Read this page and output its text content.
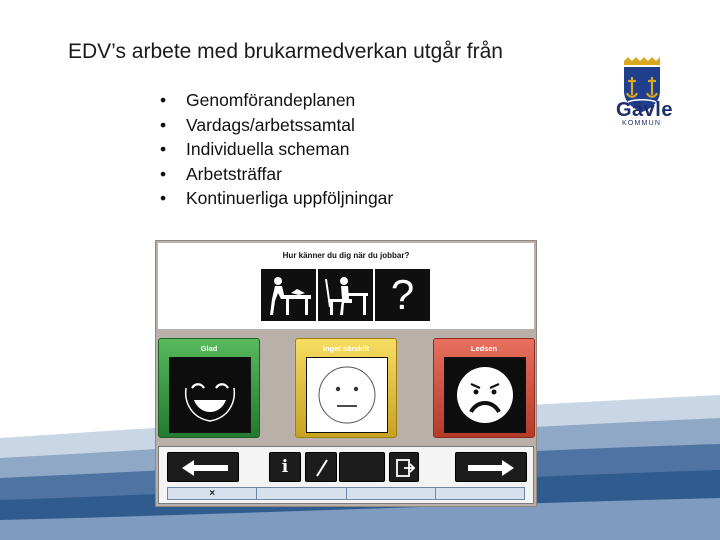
EDV’s arbete med brukarmedverkan utgår från
• Genomförandeplanen
• Vardags/arbetssamtal
• Individuella scheman
• Arbetsträffar
• Kontinuerliga uppföljningar
Gävle
KOMMUN
Hur känner du dig när du jobbar?
?
Glad	Inget särskilt	Ledsen
i
×
